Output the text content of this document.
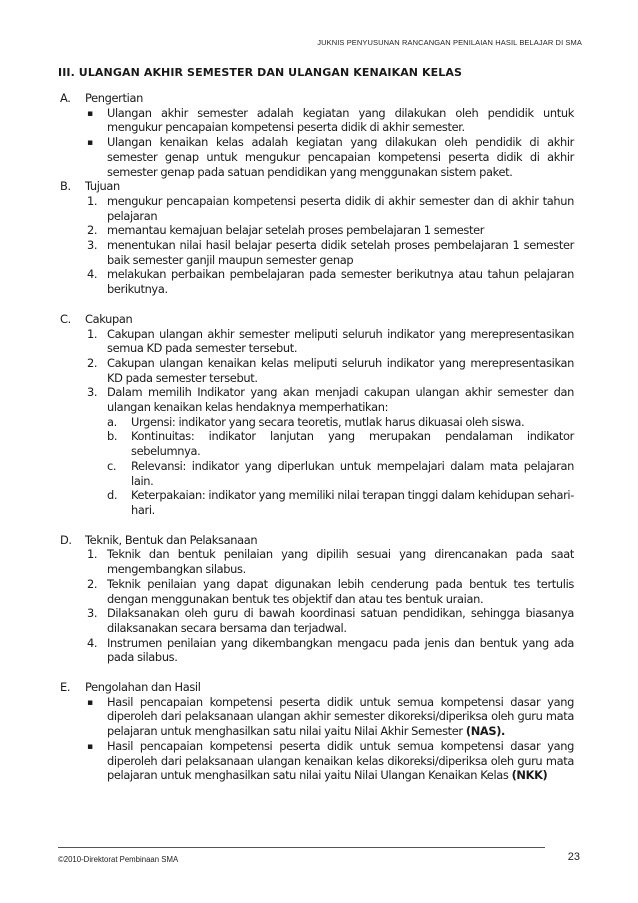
JUKNIS PENYUSUNAN RANCANGAN PENILAIAN HASIL BELAJAR DI SMA
III. ULANGAN AKHIR SEMESTER DAN ULANGAN KENAIKAN KELAS
A. Pengertian
▪ Ulangan akhir semester adalah kegiatan yang dilakukan oleh pendidik untuk mengukur pencapaian kompetensi peserta didik di akhir semester.
▪ Ulangan kenaikan kelas adalah kegiatan yang dilakukan oleh pendidik di akhir semester genap untuk mengukur pencapaian kompetensi peserta didik di akhir semester genap pada satuan pendidikan yang menggunakan sistem paket.
B. Tujuan
1. mengukur pencapaian kompetensi peserta didik di akhir semester dan di akhir tahun pelajaran
2. memantau kemajuan belajar setelah proses pembelajaran 1 semester
3. menentukan nilai hasil belajar peserta didik setelah proses pembelajaran 1 semester baik semester ganjil maupun semester genap
4. melakukan perbaikan pembelajaran pada semester berikutnya atau tahun pelajaran berikutnya.
C. Cakupan
1. Cakupan ulangan akhir semester meliputi seluruh indikator yang merepresentasikan semua KD pada semester tersebut.
2. Cakupan ulangan kenaikan kelas meliputi seluruh indikator yang merepresentasikan KD pada semester tersebut.
3. Dalam memilih Indikator yang akan menjadi cakupan ulangan akhir semester dan ulangan kenaikan kelas hendaknya memperhatikan:
a. Urgensi: indikator yang secara teoretis, mutlak harus dikuasai oleh siswa.
b. Kontinuitas: indikator lanjutan yang merupakan pendalaman indikator sebelumnya.
c. Relevansi: indikator yang diperlukan untuk mempelajari dalam mata pelajaran lain.
d. Keterpakaian: indikator yang memiliki nilai terapan tinggi dalam kehidupan sehari-hari.
D. Teknik, Bentuk dan Pelaksanaan
1. Teknik dan bentuk penilaian yang dipilih sesuai yang direncanakan pada saat mengembangkan silabus.
2. Teknik penilaian yang dapat digunakan lebih cenderung pada bentuk tes tertulis dengan menggunakan bentuk tes objektif dan atau tes bentuk uraian.
3. Dilaksanakan oleh guru di bawah koordinasi satuan pendidikan, sehingga biasanya dilaksanakan secara bersama dan terjadwal.
4. Instrumen penilaian yang dikembangkan mengacu pada jenis dan bentuk yang ada pada silabus.
E. Pengolahan dan Hasil
▪ Hasil pencapaian kompetensi peserta didik untuk semua kompetensi dasar yang diperoleh dari pelaksanaan ulangan akhir semester dikoreksi/diperiksa oleh guru mata pelajaran untuk menghasilkan satu nilai yaitu Nilai Akhir Semester (NAS).
▪ Hasil pencapaian kompetensi peserta didik untuk semua kompetensi dasar yang diperoleh dari pelaksanaan ulangan kenaikan kelas dikoreksi/diperiksa oleh guru mata pelajaran untuk menghasilkan satu nilai yaitu Nilai Ulangan Kenaikan Kelas (NKK)
©2010-Direktorat Pembinaan SMA	23
